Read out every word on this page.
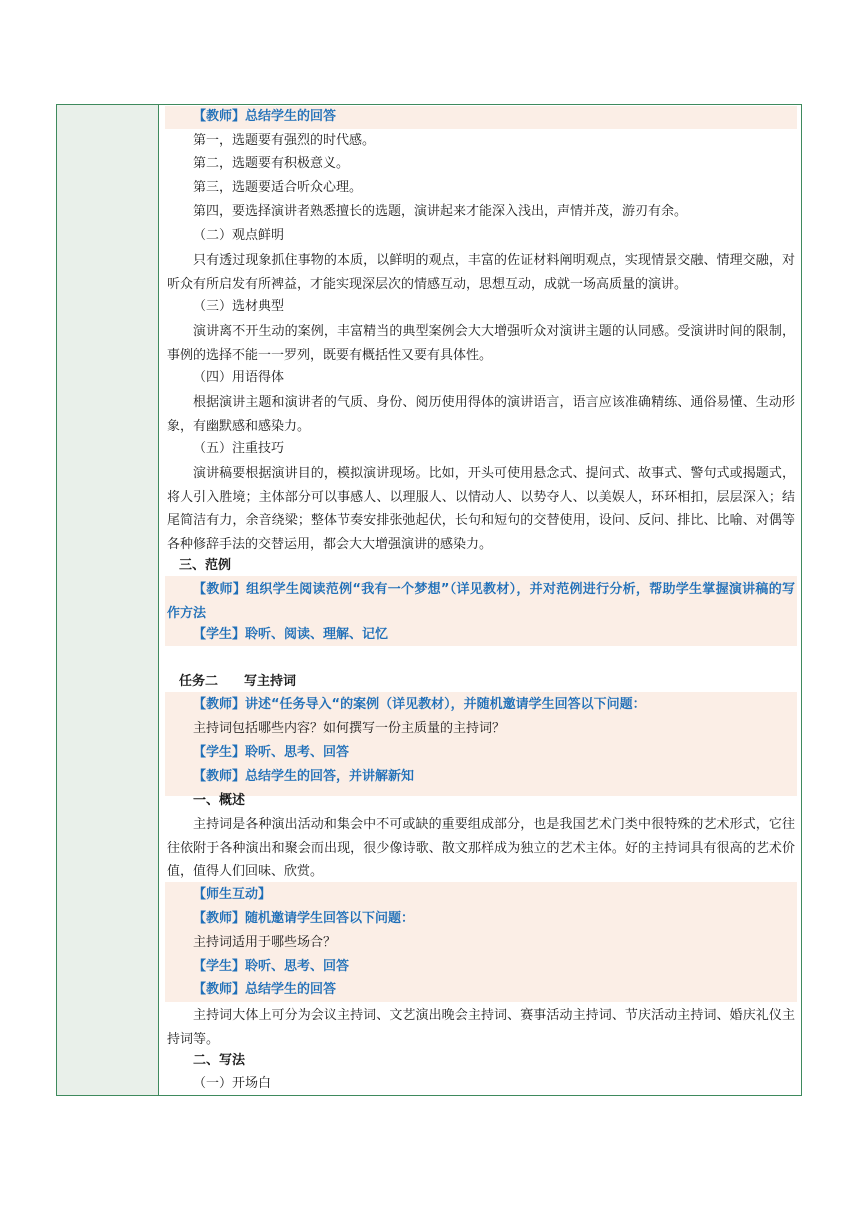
【教师】总结学生的回答
第一，选题要有强烈的时代感。
第二，选题要有积极意义。
第三，选题要适合听众心理。
第四，要选择演讲者熟悉擅长的选题，演讲起来才能深入浅出，声情并茂，游刃有余。
（二）观点鲜明
只有透过现象抓住事物的本质，以鲜明的观点，丰富的佐证材料阐明观点，实现情景交融、情理交融，对听众有所启发有所裨益，才能实现深层次的情感互动，思想互动，成就一场高质量的演讲。
（三）选材典型
演讲离不开生动的案例，丰富精当的典型案例会大大增强听众对演讲主题的认同感。受演讲时间的限制，事例的选择不能一一罗列，既要有概括性又要有具体性。
（四）用语得体
根据演讲主题和演讲者的气质、身份、阅历使用得体的演讲语言，语言应该准确精练、通俗易懂、生动形象，有幽默感和感染力。
（五）注重技巧
演讲稿要根据演讲目的，模拟演讲现场。比如，开头可使用悬念式、提问式、故事式、警句式或揭题式，将人引入胜境；主体部分可以事感人、以理服人、以情动人、以势夺人、以美娱人，环环相扣，层层深入；结尾简洁有力，余音绕梁；整体节奏安排张弛起伏，长句和短句的交替使用，设问、反问、排比、比喻、对偶等各种修辞手法的交替运用，都会大大增强演讲的感染力。
三、范例
【教师】组织学生阅读范例“我有一个梦想”（详见教材），并对范例进行分析，帮助学生掌握演讲稿的写作方法
【学生】聆听、阅读、理解、记忆
任务二　　写主持词
【教师】讲述“任务导入“的案例（详见教材），并随机邀请学生回答以下问题：
主持词包括哪些内容？如何撰写一份主质量的主持词？
【学生】聆听、思考、回答
【教师】总结学生的回答，并讲解新知
一、概述
主持词是各种演出活动和集会中不可或缺的重要组成部分，也是我国艺术门类中很特殊的艺术形式，它往往依附于各种演出和聚会而出现，很少像诗歌、散文那样成为独立的艺术主体。好的主持词具有很高的艺术价值，值得人们回味、欣赏。
【师生互动】
【教师】随机邀请学生回答以下问题：
主持词适用于哪些场合？
【学生】聆听、思考、回答
【教师】总结学生的回答
主持词大体上可分为会议主持词、文艺演出晚会主持词、赛事活动主持词、节庆活动主持词、婚庆礼仪主持词等。
二、写法
（一）开场白
